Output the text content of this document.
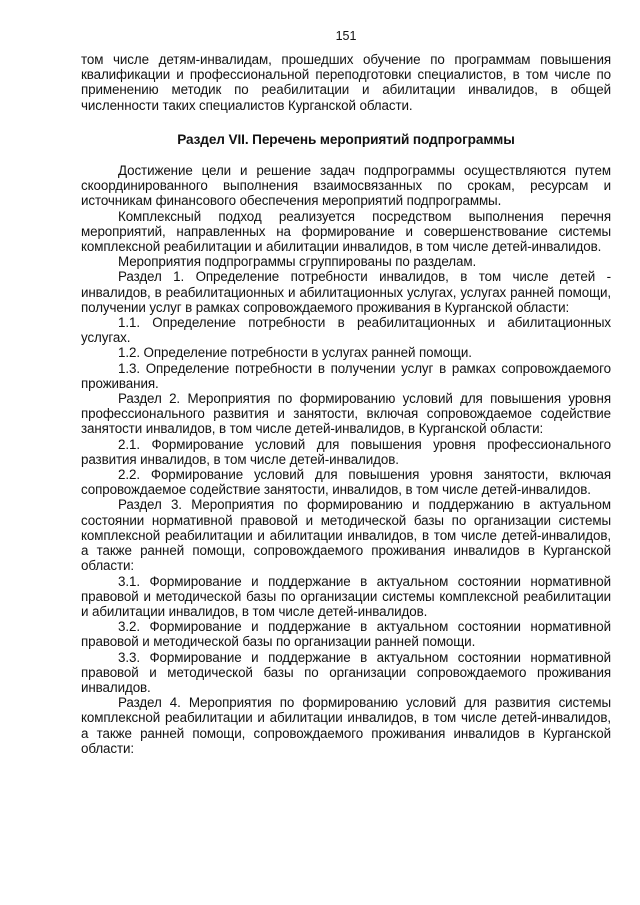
151

том числе детям-инвалидам, прошедших обучение по программам повышения квалификации и профессиональной переподготовки специалистов, в том числе по применению методик по реабилитации и абилитации инвалидов, в общей численности таких специалистов Курганской области.

Раздел VII. Перечень мероприятий подпрограммы

Достижение цели и решение задач подпрограммы осуществляются путем скоординированного выполнения взаимосвязанных по срокам, ресурсам и источникам финансового обеспечения мероприятий подпрограммы.

Комплексный подход реализуется посредством выполнения перечня мероприятий, направленных на формирование и совершенствование системы комплексной реабилитации и абилитации инвалидов, в том числе детей-инвалидов.

Мероприятия подпрограммы сгруппированы по разделам.

Раздел 1. Определение потребности инвалидов, в том числе детей - инвалидов, в реабилитационных и абилитационных услугах, услугах ранней помощи, получении услуг в рамках сопровождаемого проживания в Курганской области:

1.1. Определение потребности в реабилитационных и абилитационных услугах.

1.2. Определение потребности в услугах ранней помощи.

1.3. Определение потребности в получении услуг в рамках сопровождаемого проживания.

Раздел 2. Мероприятия по формированию условий для повышения уровня профессионального развития и занятости, включая сопровождаемое содействие занятости инвалидов, в том числе детей-инвалидов, в Курганской области:

2.1. Формирование условий для повышения уровня профессионального развития инвалидов, в том числе детей-инвалидов.

2.2. Формирование условий для повышения уровня занятости, включая сопровождаемое содействие занятости, инвалидов, в том числе детей-инвалидов.

Раздел 3. Мероприятия по формированию и поддержанию в актуальном состоянии нормативной правовой и методической базы по организации системы комплексной реабилитации и абилитации инвалидов, в том числе детей-инвалидов, а также ранней помощи, сопровождаемого проживания инвалидов в Курганской области:

3.1. Формирование и поддержание в актуальном состоянии нормативной правовой и методической базы по организации системы комплексной реабилитации и абилитации инвалидов, в том числе детей-инвалидов.

3.2. Формирование и поддержание в актуальном состоянии нормативной правовой и методической базы по организации ранней помощи.

3.3. Формирование и поддержание в актуальном состоянии нормативной правовой и методической базы по организации сопровождаемого проживания инвалидов.

Раздел 4. Мероприятия по формированию условий для развития системы комплексной реабилитации и абилитации инвалидов, в том числе детей-инвалидов, а также ранней помощи, сопровождаемого проживания инвалидов в Курганской области:
